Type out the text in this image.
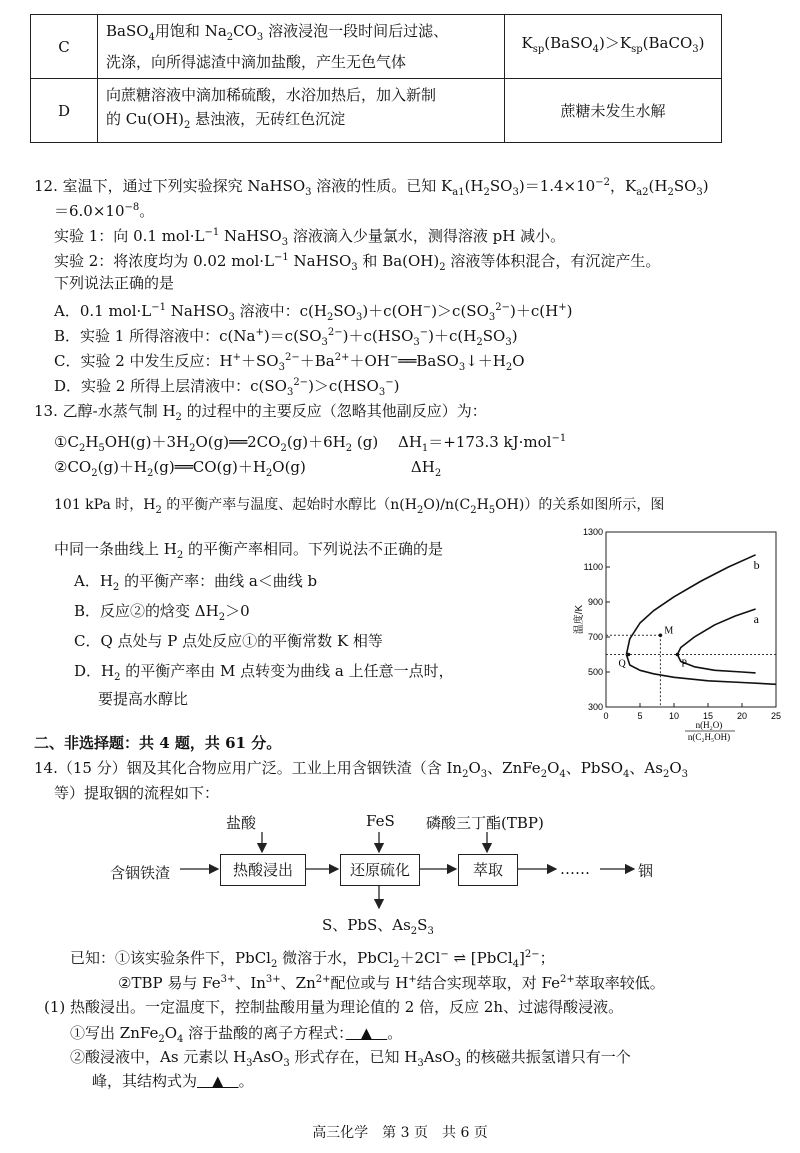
C	BaSO$_4$用饱和 $Na_2CO_3$ 溶液浸泡一段时间后过滤、
洗涤，向所得滤渣中滴加盐酸，产生无色气体	$K_{sp}(BaSO_4)>K_{sp}(BaCO_3)$
D	向蔗糖溶液中滴加稀硫酸，水浴加热后，加入新制
的 $Cu(OH)_2$ 悬浊液，无砖红色沉淀	蔗糖未发生水解
12. 室温下，通过下列实验探究 NaHSO$_3$ 溶液的性质。已知 $K_{a1}(H_2SO_3)=1.4\times 10^{-2}$，$K_{a2}(H_2SO_3)$
$=6.0\times 10^{-8}$。
实验 1：向 0.1 $mol\cdot L^{-1}$ NaHSO$_3$ 溶液滴入少量氯水，测得溶液 pH 减小。
实验 2：将浓度均为 0.02 $mol\cdot L^{-1}$ NaHSO$_3$ 和 $Ba(OH)_2$ 溶液等体积混合，有沉淀产生。
下列说法正确的是
A．0.1 $mol\cdot L^{-1}$ NaHSO$_3$ 溶液中：$c(H_2SO_3)+c(OH^-)>c(SO_3^{2-})+c(H^+)$
B．实验 1 所得溶液中：$c(Na^+)=c(SO_3^{2-})+c(HSO_3^-)+c(H_2SO_3)$
C．实验 2 中发生反应：$H^++SO_3^{2-}+Ba^{2+}+OH^-══BaSO_3↓+H_2O$
D．实验 2 所得上层清液中：$c(SO_3^{2-})>c(HSO_3^-)$
13. 乙醇-水蒸气制 $H_2$ 的过程中的主要反应（忽略其他副反应）为：
$①C_2H_5OH(g)+3H_2O(g)══2CO_2(g)+6H_2$ (g)　 $\Delta H_1=+173.3$ kJ·mol$^{-1}$
$②CO_2(g)+H_2(g)══CO(g)+H_2O(g)$　　　　　　　$\Delta H_2$
101 kPa 时，$H_2$ 的平衡产率与温度、起始时水醇比$(n(H_2O)/n(C_2H_5OH))$的关系如图所示，图
中同一条曲线上 $H_2$ 的平衡产率相同。下列说法不正确的是
A．$H_2$ 的平衡产率：曲线 a＜曲线 b
B．反应②的焓变 $\Delta H_2>0$
C．Q 点处与 P 点处反应①的平衡常数 K 相等
D．$H_2$ 的平衡产率由 M 点转变为曲线 a 上任意一点时，
要提高水醇比
0	5	10	15	20	25
300
500
700
900
1100
1300
温度/K
n(H₂O)
n(C₂H₅OH)
b
a
M
Q	P
二、非选择题：共 4 题，共 61 分。
14.（15 分）铟及其化合物应用广泛。工业上用含铟铁渣（含 $In_2O_3$、$ZnFe_2O_4$、PbSO$_4$、$As_2O_3$
等）提取铟的流程如下：
盐酸	FeS 磷酸三丁酯(TBP)
含铟铁渣	热酸浸出	还原硫化	萃取	……	铟
S、PbS、$As_2S_3$
已知：①该实验条件下，PbCl$_2$ 微溶于水，PbCl$_2$＋2Cl− ⇌ [PbCl$_4$]$^{2-}$；
②TBP 易与 $Fe^{3+}$、$In^{3+}$、$Zn^{2+}$配位或与 H+结合实现萃取，对 $Fe^{2+}$萃取率较低。
(1) 热酸浸出。一定温度下，控制盐酸用量为理论值的 2 倍，反应 2h、过滤得酸浸液。
①写出 $ZnFe_2O_4$ 溶于盐酸的离子方程式：　▲　。
②酸浸液中，As 元素以 $H_3AsO_3$ 形式存在，已知 $H_3AsO_3$ 的核磁共振氢谱只有一个
峰，其结构式为　▲　。
高三化学　第 3 页　共 6 页
